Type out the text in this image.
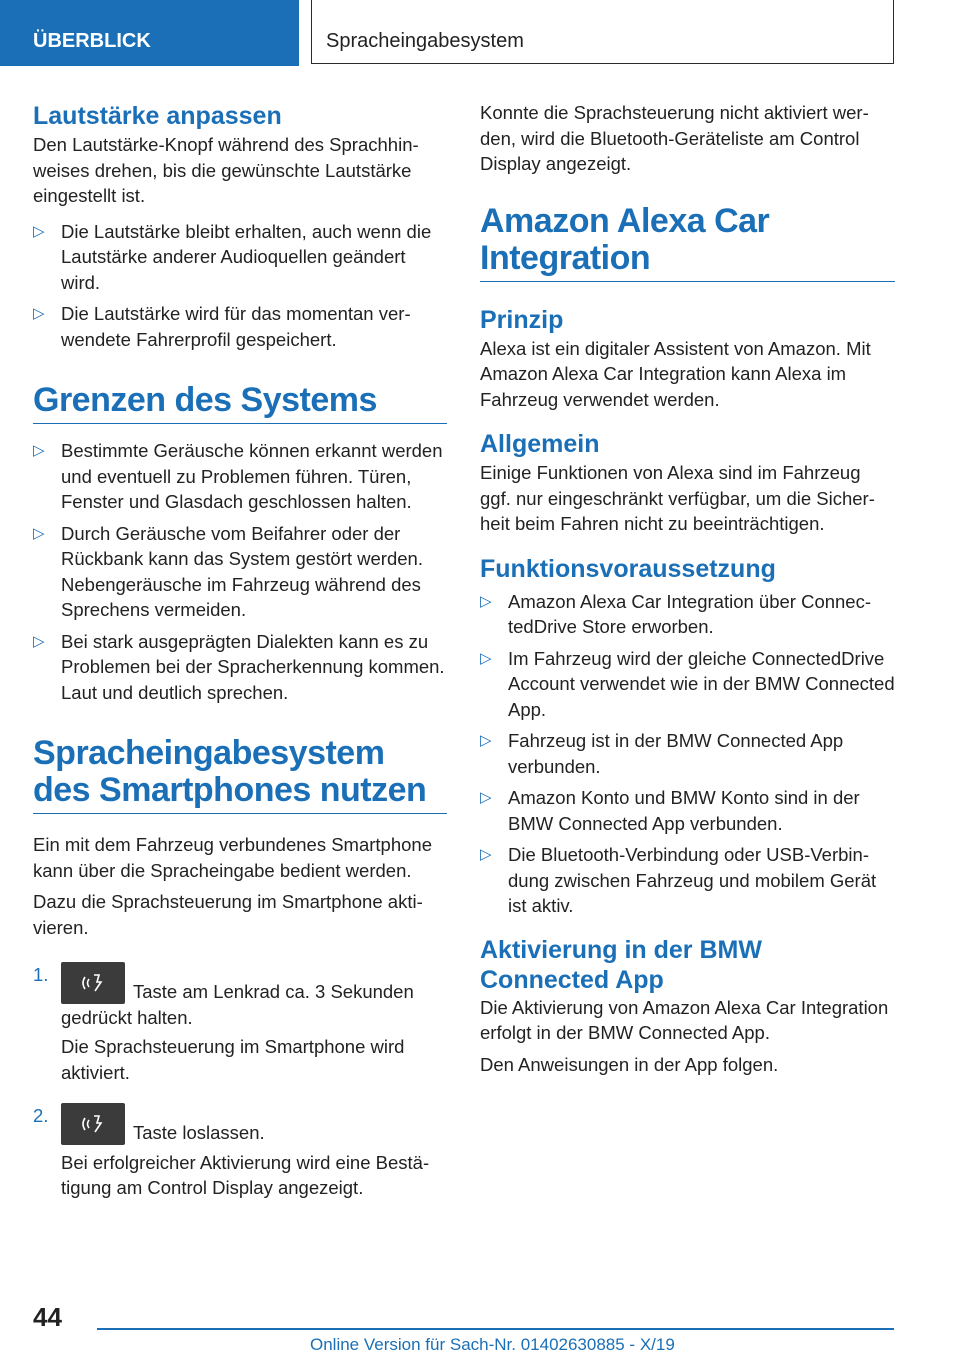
ÜBERBLICK	Spracheingabesystem
Lautstärke anpassen

Den Lautstärke-Knopf während des Sprachhinweises drehen, bis die gewünschte Lautstärke eingestellt ist.

▷ Die Lautstärke bleibt erhalten, auch wenn die Lautstärke anderer Audioquellen geändert wird.
▷ Die Lautstärke wird für das momentan verwendete Fahrerprofil gespeichert.
Grenzen des Systems
▷ Bestimmte Geräusche können erkannt werden und eventuell zu Problemen führen. Türen, Fenster und Glasdach geschlossen halten.
▷ Durch Geräusche vom Beifahrer oder der Rückbank kann das System gestört werden. Nebengeräusche im Fahrzeug während des Sprechens vermeiden.
▷ Bei stark ausgeprägten Dialekten kann es zu Problemen bei der Spracherkennung kommen. Laut und deutlich sprechen.
Spracheingabesystem des Smartphones nutzen

Ein mit dem Fahrzeug verbundenes Smartphone kann über die Spracheingabe bedient werden.

Dazu die Sprachsteuerung im Smartphone aktivieren.

1.

Taste am Lenkrad ca. 3 Sekunden gedrückt halten.

Die Sprachsteuerung im Smartphone wird aktiviert.

2.

Taste loslassen.

Bei erfolgreicher Aktivierung wird eine Bestätigung am Control Display angezeigt.

Konnte die Sprachsteuerung nicht aktiviert werden, wird die Bluetooth-Geräteliste am Control Display angezeigt.

Amazon Alexa Car Integration
Prinzip

Alexa ist ein digitaler Assistent von Amazon. Mit Amazon Alexa Car Integration kann Alexa im Fahrzeug verwendet werden.

Allgemein

Einige Funktionen von Alexa sind im Fahrzeug ggf. nur eingeschränkt verfügbar, um die Sicherheit beim Fahren nicht zu beeinträchtigen.

Funktionsvoraussetzung
▷ Amazon Alexa Car Integration über ConnectedDrive Store erworben.
▷ Im Fahrzeug wird der gleiche ConnectedDrive Account verwendet wie in der BMW Connected App.
▷ Fahrzeug ist in der BMW Connected App verbunden.
▷ Amazon Konto und BMW Konto sind in der BMW Connected App verbunden.
▷ Die Bluetooth-Verbindung oder USB-Verbindung zwischen Fahrzeug und mobilem Gerät ist aktiv.
Aktivierung in der BMW Connected App

Die Aktivierung von Amazon Alexa Car Integration erfolgt in der BMW Connected App.

Den Anweisungen in der App folgen.

44
Online Version für Sach-Nr. 01402630885 - X/19
